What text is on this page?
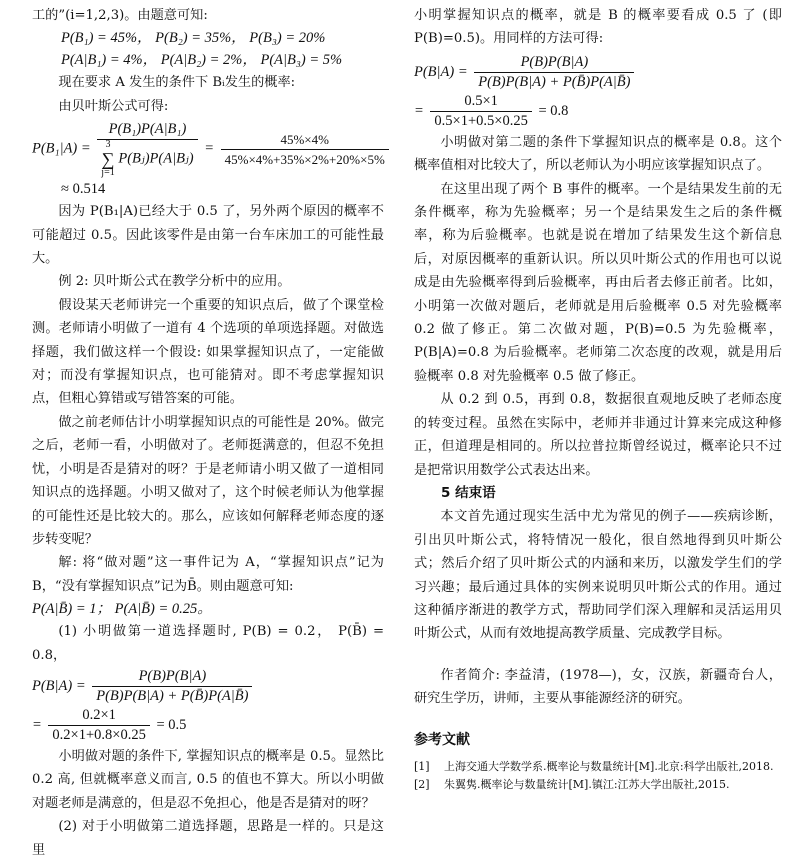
工的”(i=1,2,3)。由题意可知:

P(B₁) = 45%， P(B₂) = 35%， P(B₃) = 20%

P(A|B₁) = 4%， P(A|B₂) = 2%， P(A|B₃) = 5%

现在要求 A 发生的条件下 Bᵢ发生的概率:

由贝叶斯公式可得:

P(B₁|A) =
P(B₁)P(A|B₁)
3
∑
j=1 P(Bⱼ)P(A|Bⱼ)
= $\frac{45\%\times 4\%}{45\%\times 4\%+35\%\times 2\%+20\%\times 5\%}$

≈ 0.514

因为 P(B₁|A)已经大于 0.5 了，另外两个原因的概率不可能超过 0.5。因此该零件是由第一台车床加工的可能性最大。

例 2: 贝叶斯公式在教学分析中的应用。

假设某天老师讲完一个重要的知识点后，做了个课堂检测。老师请小明做了一道有 4 个选项的单项选择题。对做选择题，我们做这样一个假设: 如果掌握知识点了，一定能做对；而没有掌握知识点，也可能猜对。即不考虑掌握知识点，但粗心算错或写错答案的可能。

做之前老师估计小明掌握知识点的可能性是 20%。做完之后，老师一看，小明做对了。老师挺满意的，但忍不免担忧，小明是否是猜对的呀？于是老师请小明又做了一道相同知识点的选择题。小明又做对了，这个时候老师认为他掌握的可能性还是比较大的。那么，应该如何解释老师态度的逐步转变呢？

解: 将“做对题”这一事件记为 A，“掌握知识点”记为 B，“没有掌握知识点”记为B̄。则由题意可知:

P(A|B̄) = 1； P(A|B̄) = 0.25。

(1) 小明做第一道选择题时, P(B) = 0.2， P(B̄) = 0.8，

$P(B|A) = \frac{P(B)P(B|A)}{P(B)P(B|A) + P(B̄)P(A|B̄)}$
= $\frac{0.2\times 1}{0.2\times 1+0.8\times 0.25} = 0.5$

小明做对题的条件下, 掌握知识点的概率是 0.5。显然比 0.2 高, 但就概率意义而言, 0.5 的值也不算大。所以小明做对题老师是满意的，但是忍不免担心，他是否是猜对的呀？

(2) 对于小明做第二道选择题，思路是一样的。只是这里

小明掌握知识点的概率，就是 B 的概率要看成 0.5 了 (即 P(B)=0.5)。用同样的方法可得:

$P(B|A) = \frac{P(B)P(B|A)}{P(B)P(B|A) + P(B̄)P(A|B̄)}$
= $\frac{0.5\times 1}{0.5\times 1+0.5\times 0.25} = 0.8$

小明做对第二题的条件下掌握知识点的概率是 0.8。这个概率值相对比较大了，所以老师认为小明应该掌握知识点了。

在这里出现了两个 B 事件的概率。一个是结果发生前的无条件概率，称为先验概率；另一个是结果发生之后的条件概率，称为后验概率。也就是说在增加了结果发生这个新信息后，对原因概率的重新认识。所以贝叶斯公式的作用也可以说成是由先验概率得到后验概率，再由后者去修正前者。比如，小明第一次做对题后，老师就是用后验概率 0.5 对先验概率 0.2 做了修正。第二次做对题，P(B)=0.5 为先验概率，P(B|A)=0.8 为后验概率。老师第二次态度的改观，就是用后验概率 0.8 对先验概率 0.5 做了修正。

从 0.2 到 0.5，再到 0.8，数据很直观地反映了老师态度的转变过程。虽然在实际中，老师并非通过计算来完成这种修正，但道理是相同的。所以拉普拉斯曾经说过，概率论只不过是把常识用数学公式表达出来。

5 结束语

本文首先通过现实生活中尤为常见的例子——疾病诊断，引出贝叶斯公式，将特情况一般化，很自然地得到贝叶斯公式；然后介绍了贝叶斯公式的内涵和来历，以激发学生们的学习兴趣；最后通过具体的实例来说明贝叶斯公式的作用。通过这种循序渐进的教学方式，帮助同学们深入理解和灵活运用贝叶斯公式，从而有效地提高教学质量、完成教学目标。

作者简介: 李益清，(1978—)，女，汉族，新疆奇台人，研究生学历，讲师，主要从事能源经济的研究。

参考文献
[1]	上海交通大学数学系.概率论与数量统计[M].北京:科学出版社,2018.
[2]	朱翼隽.概率论与数量统计[M].镇江:江苏大学出版社,2015.
